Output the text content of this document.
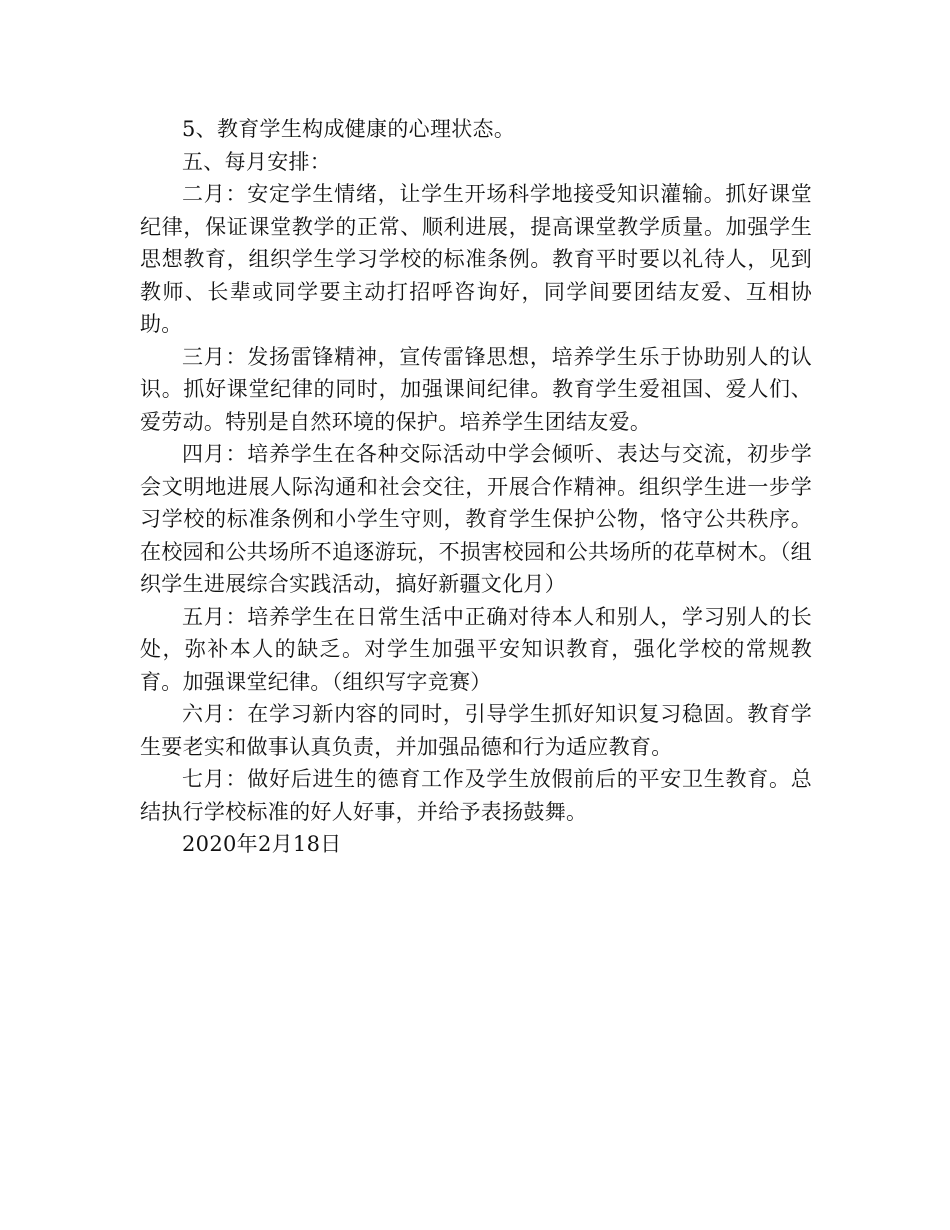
5、教育学生构成健康的心理状态。

五、每月安排：

二月：安定学生情绪，让学生开场科学地接受知识灌输。抓好课堂纪律，保证课堂教学的正常、顺利进展，提高课堂教学质量。加强学生思想教育，组织学生学习学校的标准条例。教育平时要以礼待人，见到教师、长辈或同学要主动打招呼咨询好，同学间要团结友爱、互相协助。

三月：发扬雷锋精神，宣传雷锋思想，培养学生乐于协助别人的认识。抓好课堂纪律的同时，加强课间纪律。教育学生爱祖国、爱人们、爱劳动。特别是自然环境的保护。培养学生团结友爱。

四月：培养学生在各种交际活动中学会倾听、表达与交流，初步学会文明地进展人际沟通和社会交往，开展合作精神。组织学生进一步学习学校的标准条例和小学生守则，教育学生保护公物，恪守公共秩序。在校园和公共场所不追逐游玩，不损害校园和公共场所的花草树木。（组织学生进展综合实践活动，搞好新疆文化月）

五月：培养学生在日常生活中正确对待本人和别人，学习别人的长处，弥补本人的缺乏。对学生加强平安知识教育，强化学校的常规教育。加强课堂纪律。（组织写字竞赛）

六月：在学习新内容的同时，引导学生抓好知识复习稳固。教育学生要老实和做事认真负责，并加强品德和行为适应教育。

七月：做好后进生的德育工作及学生放假前后的平安卫生教育。总结执行学校标准的好人好事，并给予表扬鼓舞。

2020年2月18日
